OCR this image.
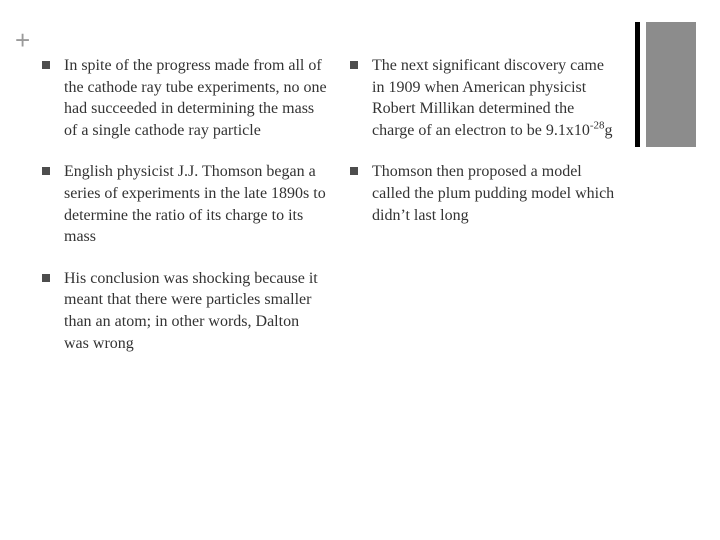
+
In spite of the progress made from all of the cathode ray tube experiments, no one had succeeded in determining the mass of a single cathode ray particle
English physicist J.J. Thomson began a series of experiments in the late 1890s to determine the ratio of its charge to its mass
His conclusion was shocking because it meant that there were particles smaller than an atom; in other words, Dalton was wrong
The next significant discovery came in 1909 when American physicist Robert Millikan determined the charge of an electron to be $9.1x10^{-28}g$
Thomson then proposed a model called the plum pudding model which didn’t last long
